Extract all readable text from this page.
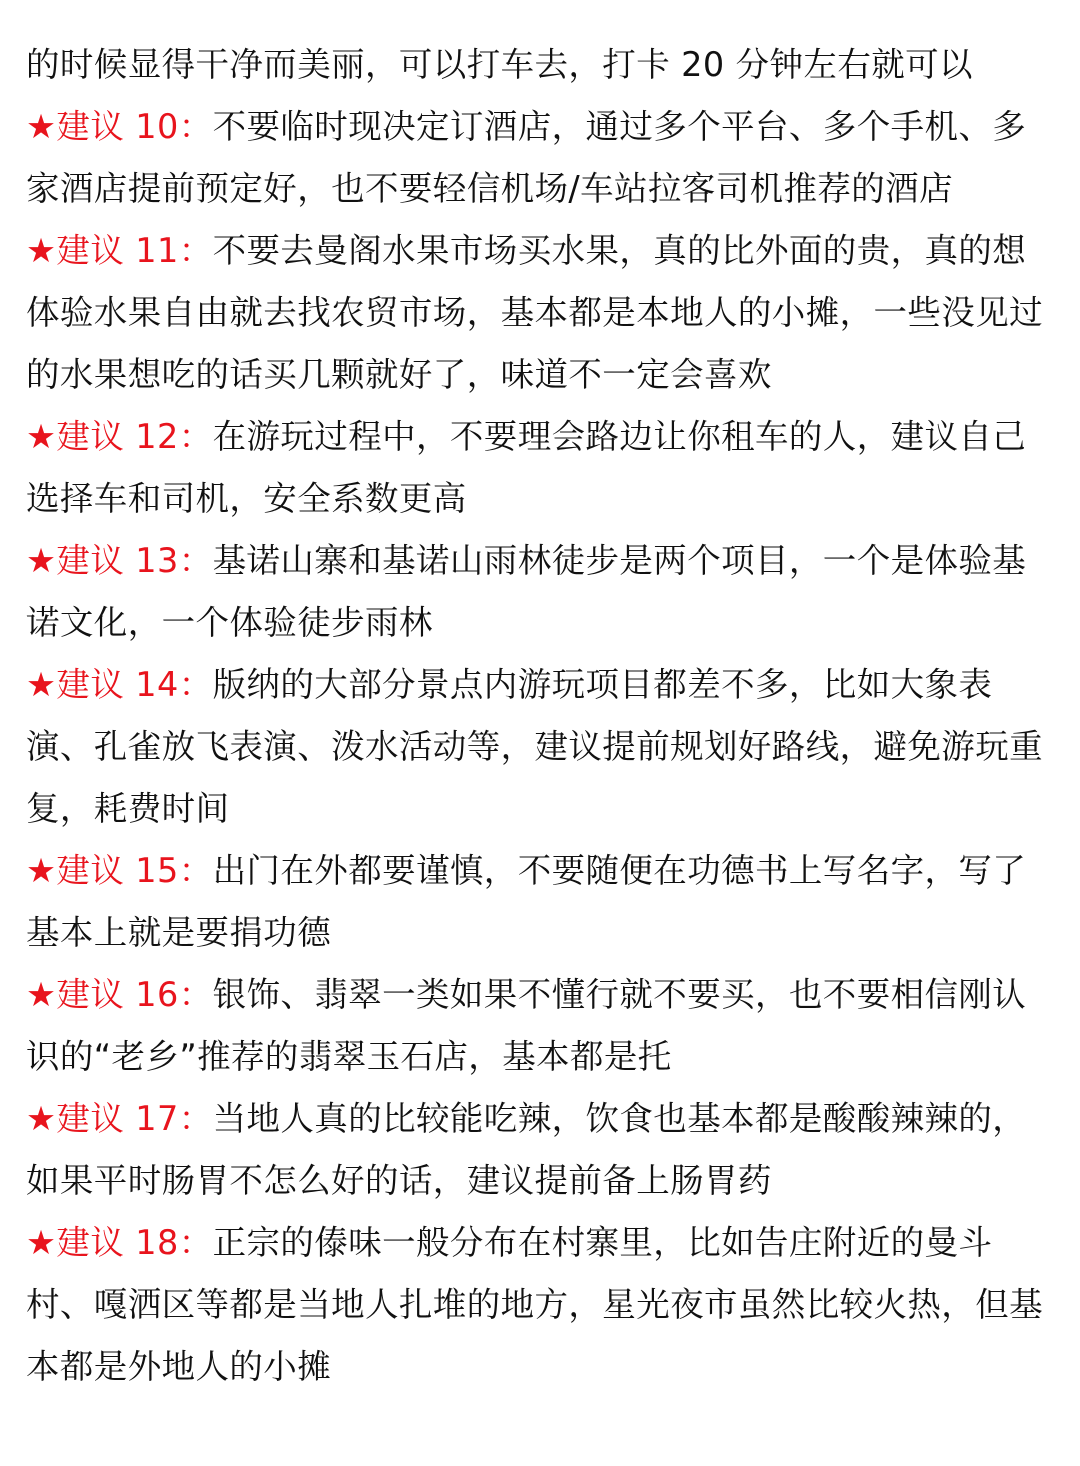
的时候显得干净而美丽，可以打车去，打卡 20 分钟左右就可以

★建议 10：不要临时现决定订酒店，通过多个平台、多个手机、多家酒店提前预定好，也不要轻信机场/车站拉客司机推荐的酒店

★建议 11：不要去曼阁水果市场买水果，真的比外面的贵，真的想体验水果自由就去找农贸市场，基本都是本地人的小摊，一些没见过的水果想吃的话买几颗就好了，味道不一定会喜欢

★建议 12：在游玩过程中，不要理会路边让你租车的人，建议自己选择车和司机，安全系数更高

★建议 13：基诺山寨和基诺山雨林徒步是两个项目，一个是体验基诺文化，一个体验徒步雨林

★建议 14：版纳的大部分景点内游玩项目都差不多，比如大象表演、孔雀放飞表演、泼水活动等，建议提前规划好路线，避免游玩重复，耗费时间

★建议 15：出门在外都要谨慎，不要随便在功德书上写名字，写了基本上就是要捐功德

★建议 16：银饰、翡翠一类如果不懂行就不要买，也不要相信刚认识的“老乡”推荐的翡翠玉石店，基本都是托

★建议 17：当地人真的比较能吃辣，饮食也基本都是酸酸辣辣的，如果平时肠胃不怎么好的话，建议提前备上肠胃药

★建议 18：正宗的傣味一般分布在村寨里，比如告庄附近的曼斗村、嘎洒区等都是当地人扎堆的地方，星光夜市虽然比较火热，但基本都是外地人的小摊
